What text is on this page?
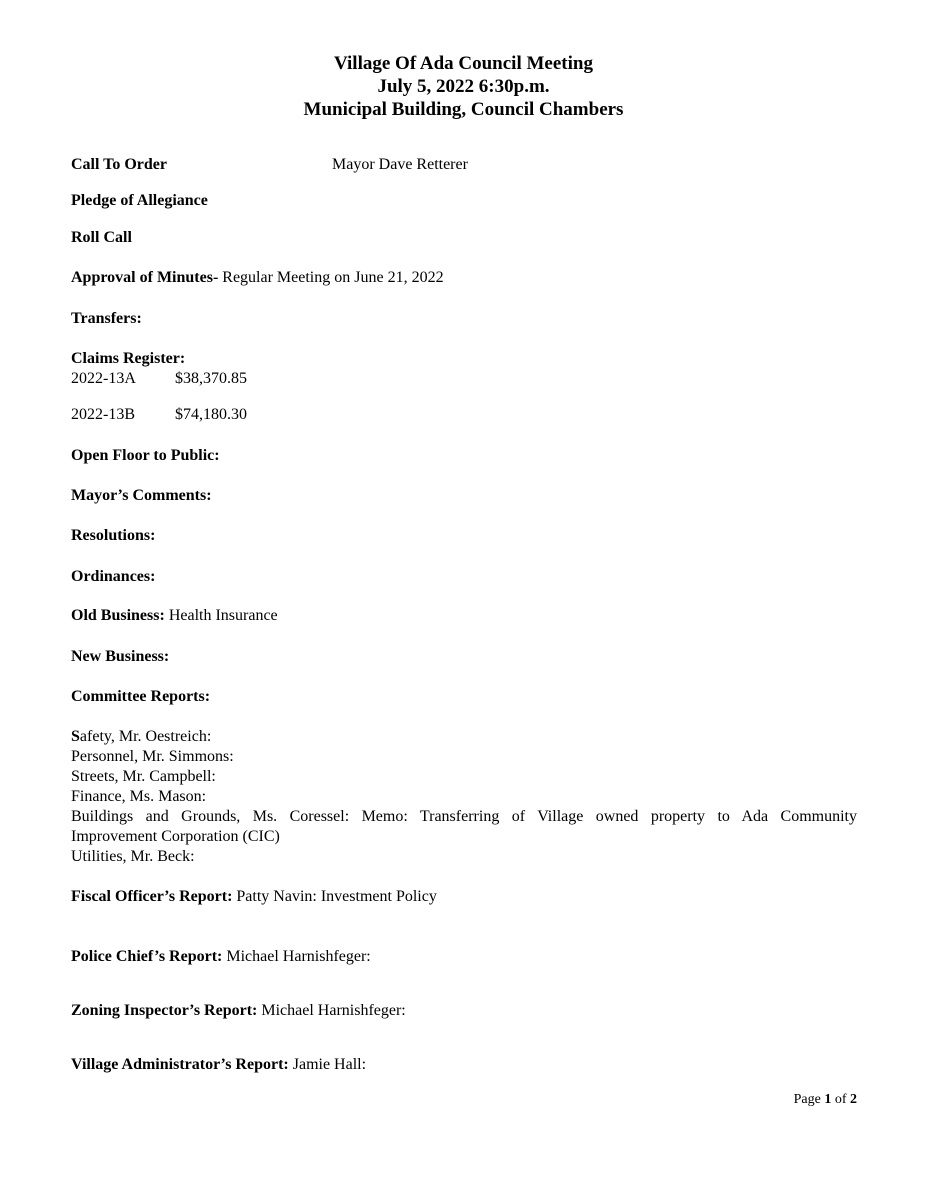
Village Of Ada Council Meeting
July 5, 2022 6:30p.m.
Municipal Building, Council Chambers
Call To Order	Mayor Dave Retterer
Pledge of Allegiance
Roll Call
Approval of Minutes- Regular Meeting on June 21, 2022
Transfers:
Claims Register:
2022-13A $38,370.85
2022-13B	$74,180.30
Open Floor to Public:
Mayor’s Comments:
Resolutions:
Ordinances:
Old Business: Health Insurance
New Business:
Committee Reports:
Safety, Mr. Oestreich:
Personnel, Mr. Simmons:
Streets, Mr. Campbell:
Finance, Ms. Mason:
Buildings and Grounds, Ms. Coressel: Memo: Transferring of Village owned property to Ada Community
Improvement Corporation (CIC)
Utilities, Mr. Beck:
Fiscal Officer’s Report: Patty Navin: Investment Policy
Police Chief’s Report: Michael Harnishfeger:
Zoning Inspector’s Report: Michael Harnishfeger:
Village Administrator’s Report: Jamie Hall:
Page 1 of 2
